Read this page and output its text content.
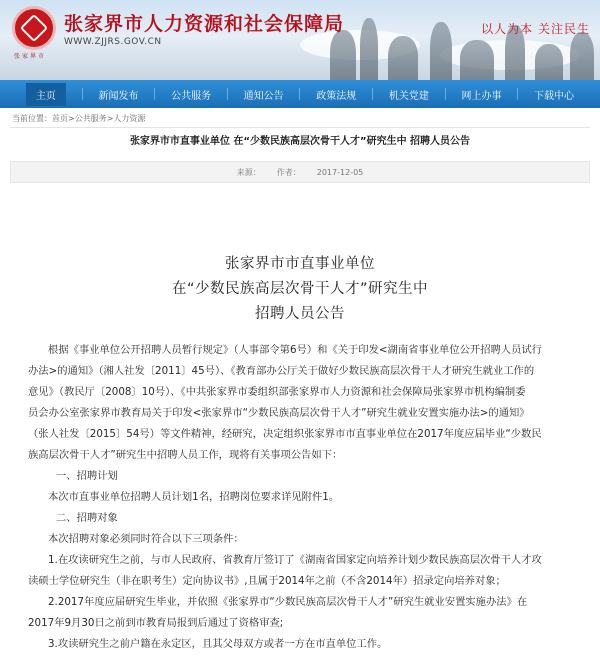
张家界市
张家界市人力资源和社会保障局
WWW.ZJJRS.GOV.CN
以人为本 关注民生
主页	新闻发布	公共服务	通知公告	政策法规	机关党建	网上办事	下载中心
当前位置：首页>公共服务>人力资源
张家界市市直事业单位 在“少数民族高层次骨干人才”研究生中 招聘人员公告
来源： 作者： 2017-12-05
张家界市市直事业单位
在“少数民族高层次骨干人才”研究生中
招聘人员公告

根据《事业单位公开招聘人员暂行规定》（人事部令第6号）和《关于印发<湖南省事业单位公开招聘人员试行

办法>的通知》（湘人社发〔2011〕45号）、《教育部办公厅关于做好少数民族高层次骨干人才研究生就业工作的

意见》（教民厅〔2008〕10号）、《中共张家界市委组织部张家界市人力资源和社会保障局张家界市机构编制委

员会办公室张家界市教育局关于印发<张家界市“少数民族高层次骨干人才”研究生就业安置实施办法>的通知》

（张人社发〔2015〕54号）等文件精神，经研究，决定组织张家界市市直事业单位在2017年度应届毕业“少数民

族高层次骨干人才”研究生中招聘人员工作，现将有关事项公告如下：

一、招聘计划

本次市直事业单位招聘人员计划1名，招聘岗位要求详见附件1。

二、招聘对象

本次招聘对象必须同时符合以下三项条件：

1.在攻读研究生之前，与市人民政府、省教育厅签订了《湖南省国家定向培养计划少数民族高层次骨干人才攻

读硕士学位研究生（非在职考生）定向协议书》,且属于2014年之前（不含2014年）招录定向培养对象；

2.2017年度应届研究生毕业，并依照《张家界市“少数民族高层次骨干人才”研究生就业安置实施办法》在

2017年9月30日之前到市教育局报到后通过了资格审查;

3.攻读研究生之前户籍在永定区，且其父母双方或者一方在市直单位工作。
